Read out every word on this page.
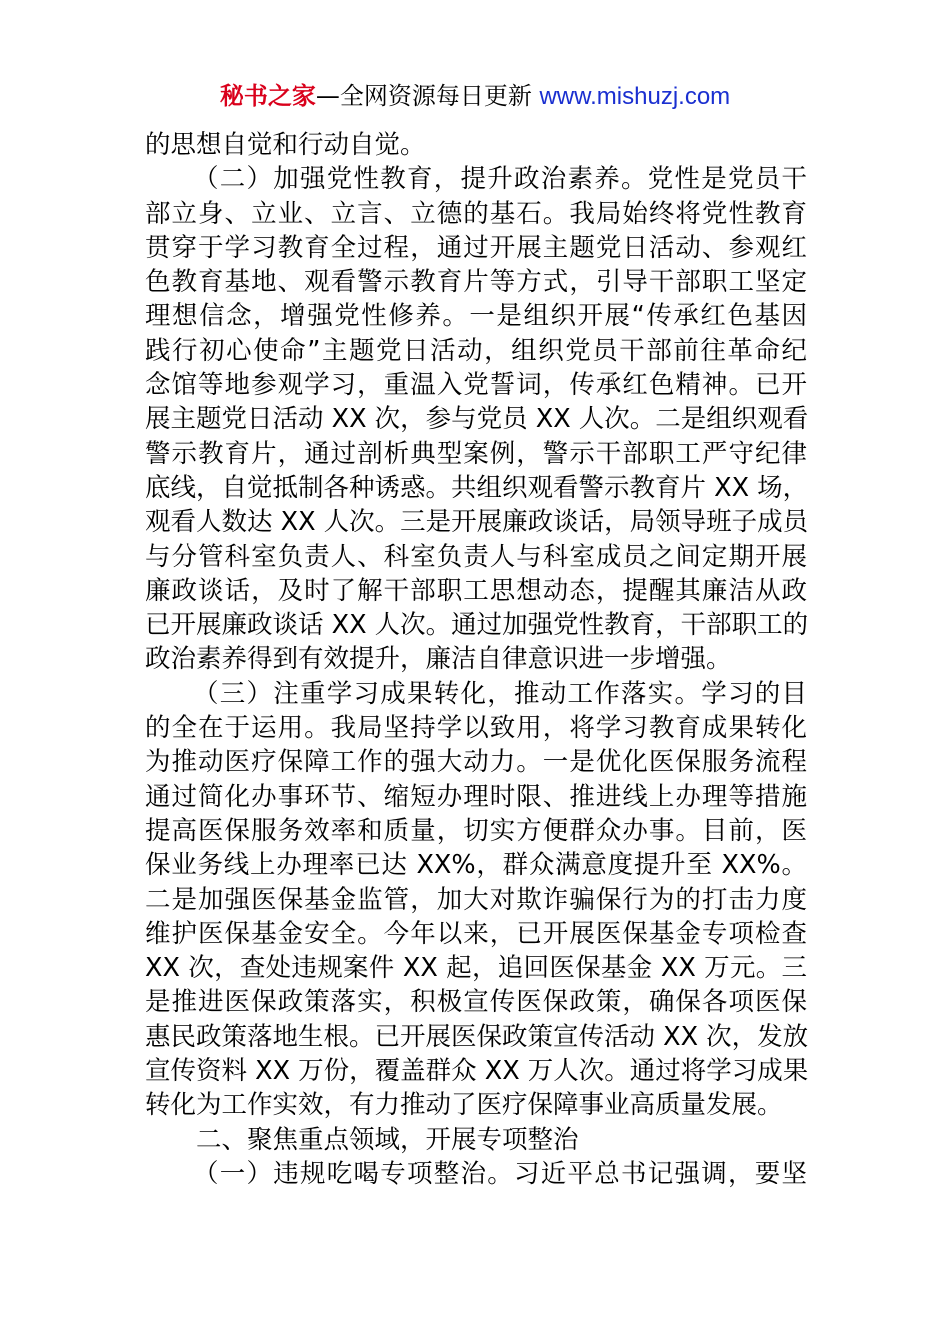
秘书之家—全网资源每日更新 www.mishuzj.com
的思想自觉和行动自觉。
（二）加强党性教育，提升政治素养。党性是党员干
部立身、立业、立言、立德的基石。我局始终将党性教育
贯穿于学习教育全过程，通过开展主题党日活动、参观红
色教育基地、观看警示教育片等方式，引导干部职工坚定
理想信念，增强党性修养。一是组织开展“传承红色基因
践行初心使命”主题党日活动，组织党员干部前往革命纪
念馆等地参观学习，重温入党誓词，传承红色精神。已开
展主题党日活动 XX 次，参与党员 XX 人次。二是组织观看
警示教育片，通过剖析典型案例，警示干部职工严守纪律
底线，自觉抵制各种诱惑。共组织观看警示教育片 XX 场，
观看人数达 XX 人次。三是开展廉政谈话，局领导班子成员
与分管科室负责人、科室负责人与科室成员之间定期开展
廉政谈话，及时了解干部职工思想动态，提醒其廉洁从政
已开展廉政谈话 XX 人次。通过加强党性教育，干部职工的
政治素养得到有效提升，廉洁自律意识进一步增强。
（三）注重学习成果转化，推动工作落实。学习的目
的全在于运用。我局坚持学以致用，将学习教育成果转化
为推动医疗保障工作的强大动力。一是优化医保服务流程
通过简化办事环节、缩短办理时限、推进线上办理等措施
提高医保服务效率和质量，切实方便群众办事。目前，医
保业务线上办理率已达 XX%，群众满意度提升至 XX%。
二是加强医保基金监管，加大对欺诈骗保行为的打击力度
维护医保基金安全。今年以来，已开展医保基金专项检查
XX 次，查处违规案件 XX 起，追回医保基金 XX 万元。三
是推进医保政策落实，积极宣传医保政策，确保各项医保
惠民政策落地生根。已开展医保政策宣传活动 XX 次，发放
宣传资料 XX 万份，覆盖群众 XX 万人次。通过将学习成果
转化为工作实效，有力推动了医疗保障事业高质量发展。
二、聚焦重点领域，开展专项整治
（一）违规吃喝专项整治。习近平总书记强调，要坚
